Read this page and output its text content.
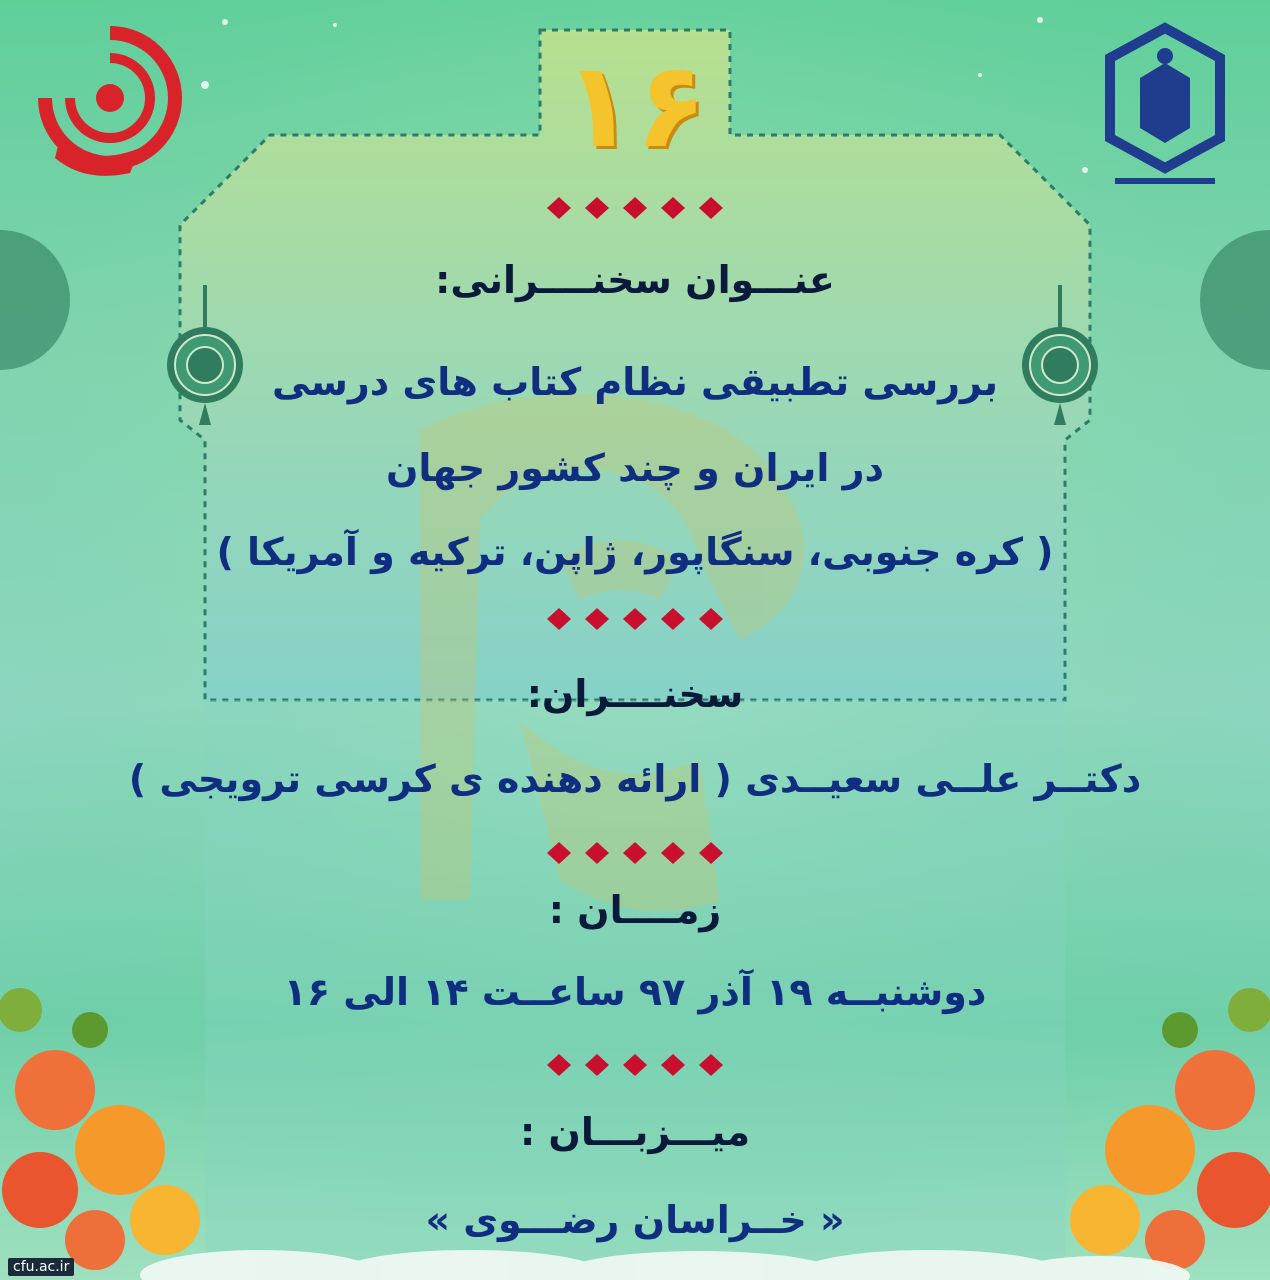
۱۶
عنـــوان سخنــــرانی:
بررسی تطبیقی نظام کتاب های درسی
در ایران و چند کشور جهان
( کره جنوبی، سنگاپور، ژاپن، ترکیه و آمریکا )
سخنــــران:
دکتــر علــی سعیــدی ( ارائه دهنده ی کرسی ترویجی )
زمــــان :
دوشنبــه ۱۹ آذر ۹۷ ساعــت ۱۴ الی ۱۶
میـــزبـــان :
« خــراسان رضـــوی »
cfu.ac.ir
